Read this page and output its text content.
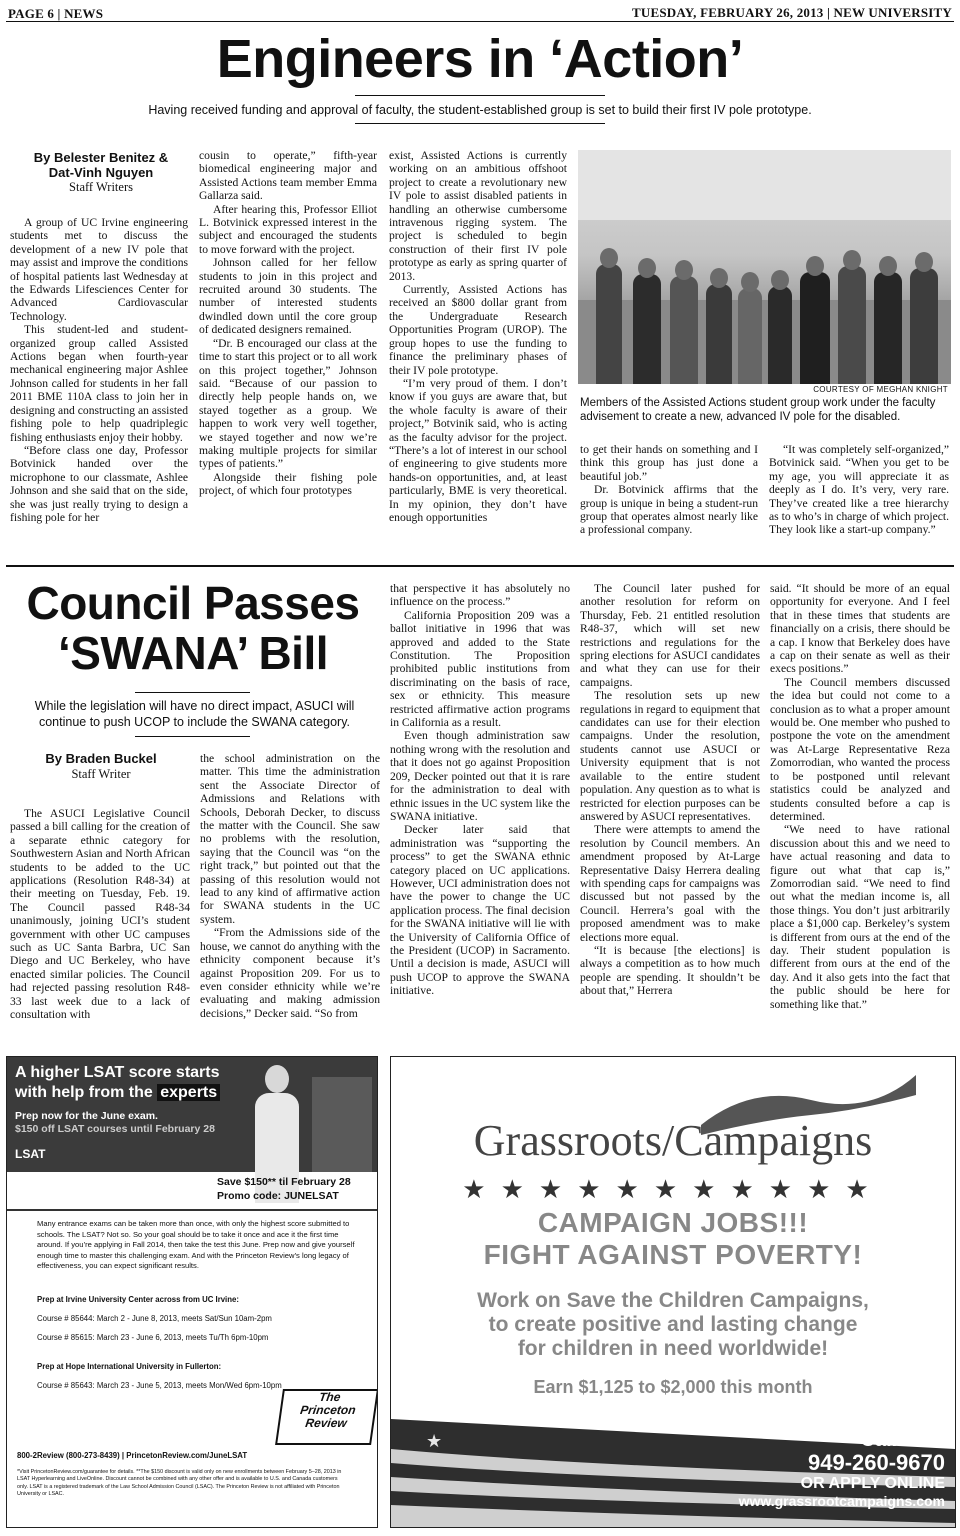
PAGE 6 | NEWS	TUESDAY, FEBRUARY 26, 2013 | NEW UNIVERSITY
Engineers in ‘Action’
Having received funding and approval of faculty, the student-established group is set to build their first IV pole prototype.
By Belester Benitez &
Dat-Vinh Nguyen
Staff Writers

A group of UC Irvine engineering students met to discuss the development of a new IV pole that may assist and improve the conditions of hospital patients last Wednesday at the Edwards Lifesciences Center for Advanced Cardiovascular Technology.

This student-led and student-organized group called Assisted Actions began when fourth-year mechanical engineering major Ashlee Johnson called for students in her fall 2011 BME 110A class to join her in designing and constructing an assisted fishing pole to help quadriplegic fishing enthusiasts enjoy their hobby.

“Before class one day, Professor Botvinick handed over the microphone to our classmate, Ashlee Johnson and she said that on the side, she was just really trying to design a fishing pole for her

cousin to operate,” fifth-year biomedical engineering major and Assisted Actions team member Emma Gallarza said.

After hearing this, Professor Elliot L. Botvinick expressed interest in the subject and encouraged the students to move forward with the project.

Johnson called for her fellow students to join in this project and recruited around 30 students. The number of interested students dwindled down until the core group of dedicated designers remained.

“Dr. B encouraged our class at the time to start this project or to all work on this project together,” Johnson said. “Because of our passion to directly help people hands on, we stayed together as a group. We happen to work very well together, we stayed together and now we’re making multiple projects for similar types of patients.”

Alongside their fishing pole project, of which four prototypes

exist, Assisted Actions is currently working on an ambitious offshoot project to create a revolutionary new IV pole to assist disabled patients in handling an otherwise cumbersome intravenous rigging system. The project is scheduled to begin construction of their first IV pole prototype as early as spring quarter of 2013.

Currently, Assisted Actions has received an $800 dollar grant from the Undergraduate Research Opportunities Program (UROP). The group hopes to use the funding to finance the preliminary phases of their IV pole prototype.

“I’m very proud of them. I don’t know if you guys are aware that, but the whole faculty is aware of their project,” Botvinik said, who is acting as the faculty advisor for the project. “There’s a lot of interest in our school of engineering to give students more hands-on opportunities, and, at least particularly, BME is very theoretical. In my opinion, they don’t have enough opportunities

COURTESY OF MEGHAN KNIGHT
Members of the Assisted Actions student group work under the faculty advisement to create a new, advanced IV pole for the disabled.

to get their hands on something and I think this group has just done a beautiful job.”

Dr. Botvinick affirms that the group is unique in being a student-run group that operates almost nearly like a professional company.

“It was completely self-organized,” Botvinick said. “When you get to be my age, you will appreciate it as deeply as I do. It’s very, very rare. They’ve created like a tree hierarchy as to who’s in charge of which project. They look like a start-up company.”

Council Passes
‘SWANA’ Bill
While the legislation will have no direct impact, ASUCI will continue to push UCOP to include the SWANA category.
By Braden Buckel
Staff Writer

The ASUCI Legislative Council passed a bill calling for the creation of a separate ethnic category for Southwestern Asian and North African students to be added to the UC applications (Resolution R48-34) at their meeting on Tuesday, Feb. 19. The Council passed R48-34 unanimously, joining UCI’s student government with other UC campuses such as UC Santa Barbra, UC San Diego and UC Berkeley, who have enacted similar policies. The Council had rejected passing resolution R48-33 last week due to a lack of consultation with

the school administration on the matter. This time the administration sent the Associate Director of Admissions and Relations with Schools, Deborah Decker, to discuss the matter with the Council. She saw no problems with the resolution, saying that the Council was “on the right track,” but pointed out that the passing of this resolution would not lead to any kind of affirmative action for SWANA students in the UC system.

“From the Admissions side of the house, we cannot do anything with the ethnicity component because it’s against Proposition 209. For us to even consider ethnicity while we’re evaluating and making admission decisions,” Decker said. “So from

that perspective it has absolutely no influence on the process.”

California Proposition 209 was a ballot initiative in 1996 that was approved and added to the State Constitution. The Proposition prohibited public institutions from discriminating on the basis of race, sex or ethnicity. This measure restricted affirmative action programs in California as a result.

Even though administration saw nothing wrong with the resolution and that it does not go against Proposition 209, Decker pointed out that it is rare for the administration to deal with ethnic issues in the UC system like the SWANA initiative.

Decker later said that administration was “supporting the process” to get the SWANA ethnic category placed on UC applications. However, UCI administration does not have the power to change the UC application process. The final decision for the SWANA initiative will lie with the University of California Office of the President (UCOP) in Sacramento. Until a decision is made, ASUCI will push UCOP to approve the SWANA initiative.

The Council later pushed for another resolution for reform on Thursday, Feb. 21 entitled resolution R48-37, which will set new restrictions and regulations for the spring elections for ASUCI candidates and what they can use for their campaigns.

The resolution sets up new regulations in regard to equipment that candidates can use for their election campaigns. Under the resolution, students cannot use ASUCI or University equipment that is not available to the entire student population. Any question as to what is restricted for election purposes can be answered by ASUCI representatives.

There were attempts to amend the resolution by Council members. An amendment proposed by At-Large Representative Daisy Herrera dealing with spending caps for campaigns was discussed but not passed by the Council. Herrera’s goal with the proposed amendment was to make elections more equal.

“It is because [the elections] is always a competition as to how much people are spending. It shouldn’t be about that,” Herrera

said. “It should be more of an equal opportunity for everyone. And I feel that in these times that students are financially on a crisis, there should be a cap. I know that Berkeley does have a cap on their senate as well as their execs positions.”

The Council members discussed the idea but could not come to a conclusion as to what a proper amount would be. One member who pushed to postpone the vote on the amendment was At-Large Representative Reza Zomorrodian, who wanted the process to be postponed until relevant statistics could be analyzed and students consulted before a cap is determined.

“We need to have rational discussion about this and we need to have actual reasoning and data to figure out what that cap is,” Zomorrodian said. “We need to find out what the median income is, all those things. You don’t just arbitrarily place a $1,000 cap. Berkeley’s system is different from ours at the end of the day. Their student population is different from ours at the end of the day. And it also gets into the fact that the public should be here for something like that.”

A higher LSAT score starts
with help from the experts
Prep now for the June exam.
$150 off LSAT courses until February 28
LSAT
Save $150** til February 28
Promo code: JUNELSAT
Many entrance exams can be taken more than once, with only the highest score submitted to schools. The LSAT? Not so. So your goal should be to take it once and ace it the first time around. If you’re applying in Fall 2014, then take the test this June. Prep now and give yourself enough time to master this challenging exam. And with the Princeton Review’s long legacy of effectiveness, you can expect significant results.
Prep at Irvine University Center across from UC Irvine:
Course # 85644: March 2 - June 8, 2013, meets Sat/Sun 10am-2pm
Course # 85615: March 23 - June 6, 2013, meets Tu/Th 6pm-10pm
Prep at Hope International University in Fullerton:
Course # 85643: March 23 - June 5, 2013, meets Mon/Wed 6pm-10pm
The
Princeton
Review
800-2Review (800-273-8439) | PrincetonReview.com/JuneLSAT
*Visit PrincetonReview.com/guarantee for details. **The $150 discount is valid only on new enrollments between February 5–28, 2013 in LSAT Hyperlearning and LiveOnline. Discount cannot be combined with any other offer and is available to U.S. and Canada customers only. LSAT is a registered trademark of the Law School Admission Council (LSAC). The Princeton Review is not affiliated with Princeton University or LSAC.
Grassroots/Campaigns
★★★★★★★★★★★
CAMPAIGN JOBS!!!
FIGHT AGAINST POVERTY!
Work on Save the Children Campaigns,
to create positive and lasting change
for children in need worldwide!
Earn $1,125 to $2,000 this month
★	Call Sam
949-260-9670
OR APPLY ONLINE
www.grassrootcampaigns.com
